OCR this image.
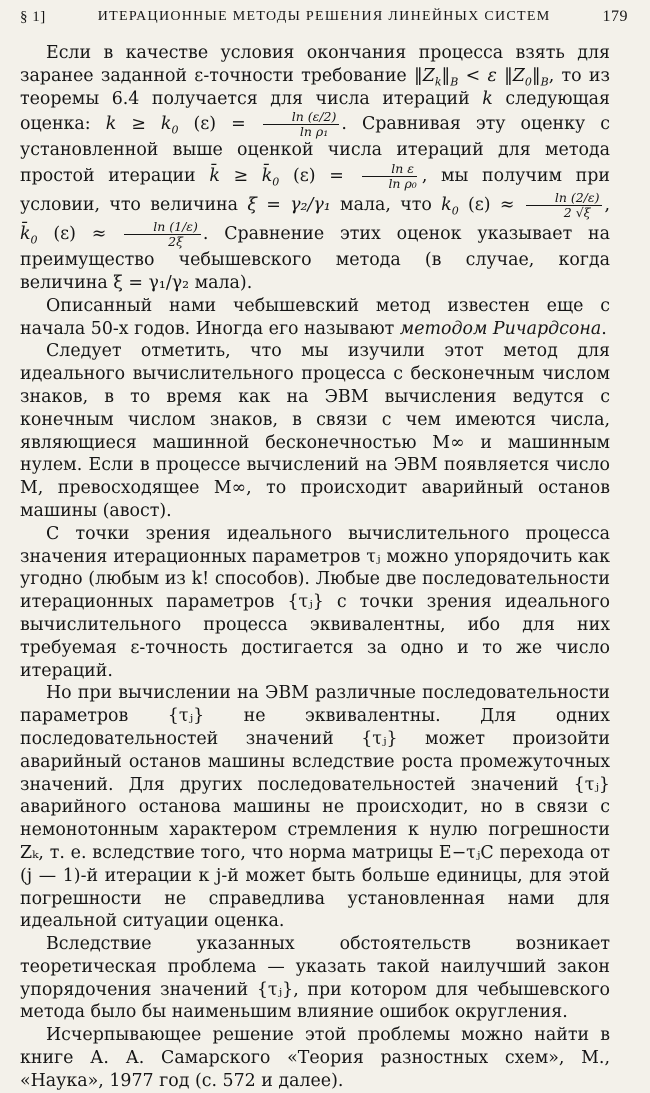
§ 1]	ИТЕРАЦИОННЫЕ МЕТОДЫ РЕШЕНИЯ ЛИНЕЙНЫХ СИСТЕМ	179

Если в качестве условия окончания процесса взять для заранее заданной ε-точности требование $‖Z_k‖_B < \varepsilon$ $‖Z_0‖_B$, то из теоремы 6.4 получается для числа итераций k следующая оценка: $k \ge k_0$ $(\varepsilon) = \frac{\ln (\varepsilon/2)}{\text{ln ρ₁}}$ . Сравнивая эту оценку с установленной выше оценкой числа итераций для метода простой итерации k̄ ≥ $k̄_0$ $(\varepsilon) = \frac{\text{ln ε}}{\text{ln ρ₀}}$ , мы получим при условии, что величина ξ = γ₂/γ₁ мала, что $k_0$ $(\varepsilon) \approx \frac{\ln (2/\varepsilon)}{2 √\xi}$ , $k̄_0$ $(\varepsilon) \approx \frac{\ln (1/\varepsilon)}{2\xi}$ . Сравнение этих оценок указывает на преимущество чебышевского метода (в случае, когда величина ξ = γ₁/γ₂ мала).

Описанный нами чебышевский метод известен еще с начала 50-х годов. Иногда его называют методом Ричардсона.

Следует отметить, что мы изучили этот метод для идеального вычислительного процесса с бесконечным числом знаков, в то время как на ЭВМ вычисления ведутся с конечным числом знаков, в связи с чем имеются числа, являющиеся машинной бесконечностью M∞ и машинным нулем. Если в процессе вычислений на ЭВМ появляется число M, превосходящее M∞, то происходит аварийный останов машины (авост).

С точки зрения идеального вычислительного процесса значения итерационных параметров τⱼ можно упорядочить как угодно (любым из k! способов). Любые две последовательности итерационных параметров {τⱼ} с точки зрения идеального вычислительного процесса эквивалентны, ибо для них требуемая ε-точность достигается за одно и то же число итераций.

Но при вычислении на ЭВМ различные последовательности параметров {τⱼ} не эквивалентны. Для одних последовательностей значений {τⱼ} может произойти аварийный останов машины вследствие роста промежуточных значений. Для других последовательностей значений {τⱼ} аварийного останова машины не происходит, но в связи с немонотонным характером стремления к нулю погрешности Zₖ, т. е. вследствие того, что норма матрицы E−τⱼC перехода от (j — 1)-й итерации к j-й может быть больше единицы, для этой погрешности не справедлива установленная нами для идеальной ситуации оценка.

Вследствие указанных обстоятельств возникает теоретическая проблема — указать такой наилучший закон упорядочения значений {τⱼ}, при котором для чебышевского метода было бы наименьшим влияние ошибок округления.

Исчерпывающее решение этой проблемы можно найти в книге А. А. Самарского «Теория разностных схем», М., «Наука», 1977 год (с. 572 и далее).
